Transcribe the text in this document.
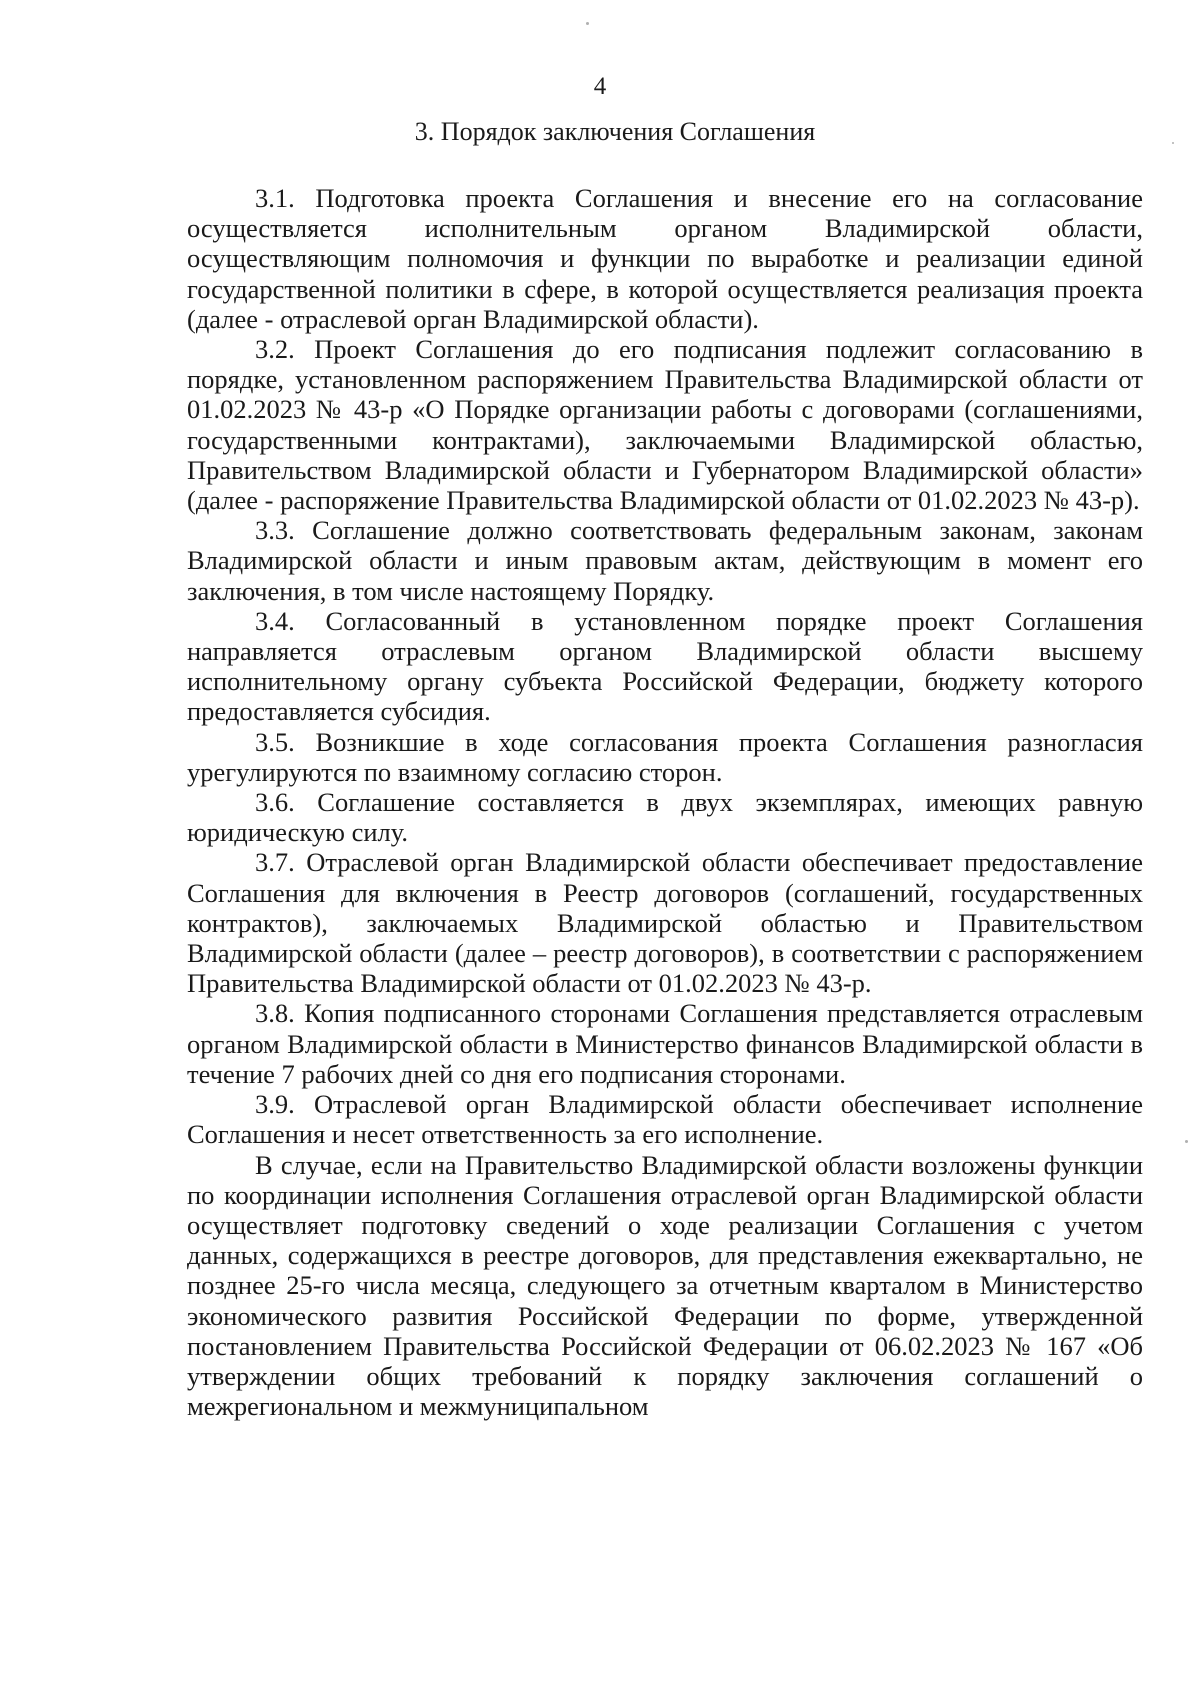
4
3. Порядок заключения Соглашения

3.1. Подготовка проекта Соглашения и внесение его на согласование осуществляется исполнительным органом Владимирской области, осуществляющим полномочия и функции по выработке и реализации единой государственной политики в сфере, в которой осуществляется реализация проекта (далее - отраслевой орган Владимирской области).

3.2. Проект Соглашения до его подписания подлежит согласованию в порядке, установленном распоряжением Правительства Владимирской области от 01.02.2023 № 43-р «О Порядке организации работы с договорами (соглашениями, государственными контрактами), заключаемыми Владимирской областью, Правительством Владимирской области и Губернатором Владимирской области» (далее - распоряжение Правительства Владимирской области от 01.02.2023 № 43-р).

3.3. Соглашение должно соответствовать федеральным законам, законам Владимирской области и иным правовым актам, действующим в момент его заключения, в том числе настоящему Порядку.

3.4. Согласованный в установленном порядке проект Соглашения направляется отраслевым органом Владимирской области высшему исполнительному органу субъекта Российской Федерации, бюджету которого предоставляется субсидия.

3.5. Возникшие в ходе согласования проекта Соглашения разногласия урегулируются по взаимному согласию сторон.

3.6. Соглашение составляется в двух экземплярах, имеющих равную юридическую силу.

3.7. Отраслевой орган Владимирской области обеспечивает предоставление Соглашения для включения в Реестр договоров (соглашений, государственных контрактов), заключаемых Владимирской областью и Правительством Владимирской области (далее – реестр договоров), в соответствии с распоряжением Правительства Владимирской области от 01.02.2023 № 43-р.

3.8. Копия подписанного сторонами Соглашения представляется отраслевым органом Владимирской области в Министерство финансов Владимирской области в течение 7 рабочих дней со дня его подписания сторонами.

3.9. Отраслевой орган Владимирской области обеспечивает исполнение Соглашения и несет ответственность за его исполнение.

В случае, если на Правительство Владимирской области возложены функции по координации исполнения Соглашения отраслевой орган Владимирской области осуществляет подготовку сведений о ходе реализации Соглашения с учетом данных, содержащихся в реестре договоров, для представления ежеквартально, не позднее 25-го числа месяца, следующего за отчетным кварталом в Министерство экономического развития Российской Федерации по форме, утвержденной постановлением Правительства Российской Федерации от 06.02.2023 № 167 «Об утверждении общих требований к порядку заключения соглашений о межрегиональном и межмуниципальном
